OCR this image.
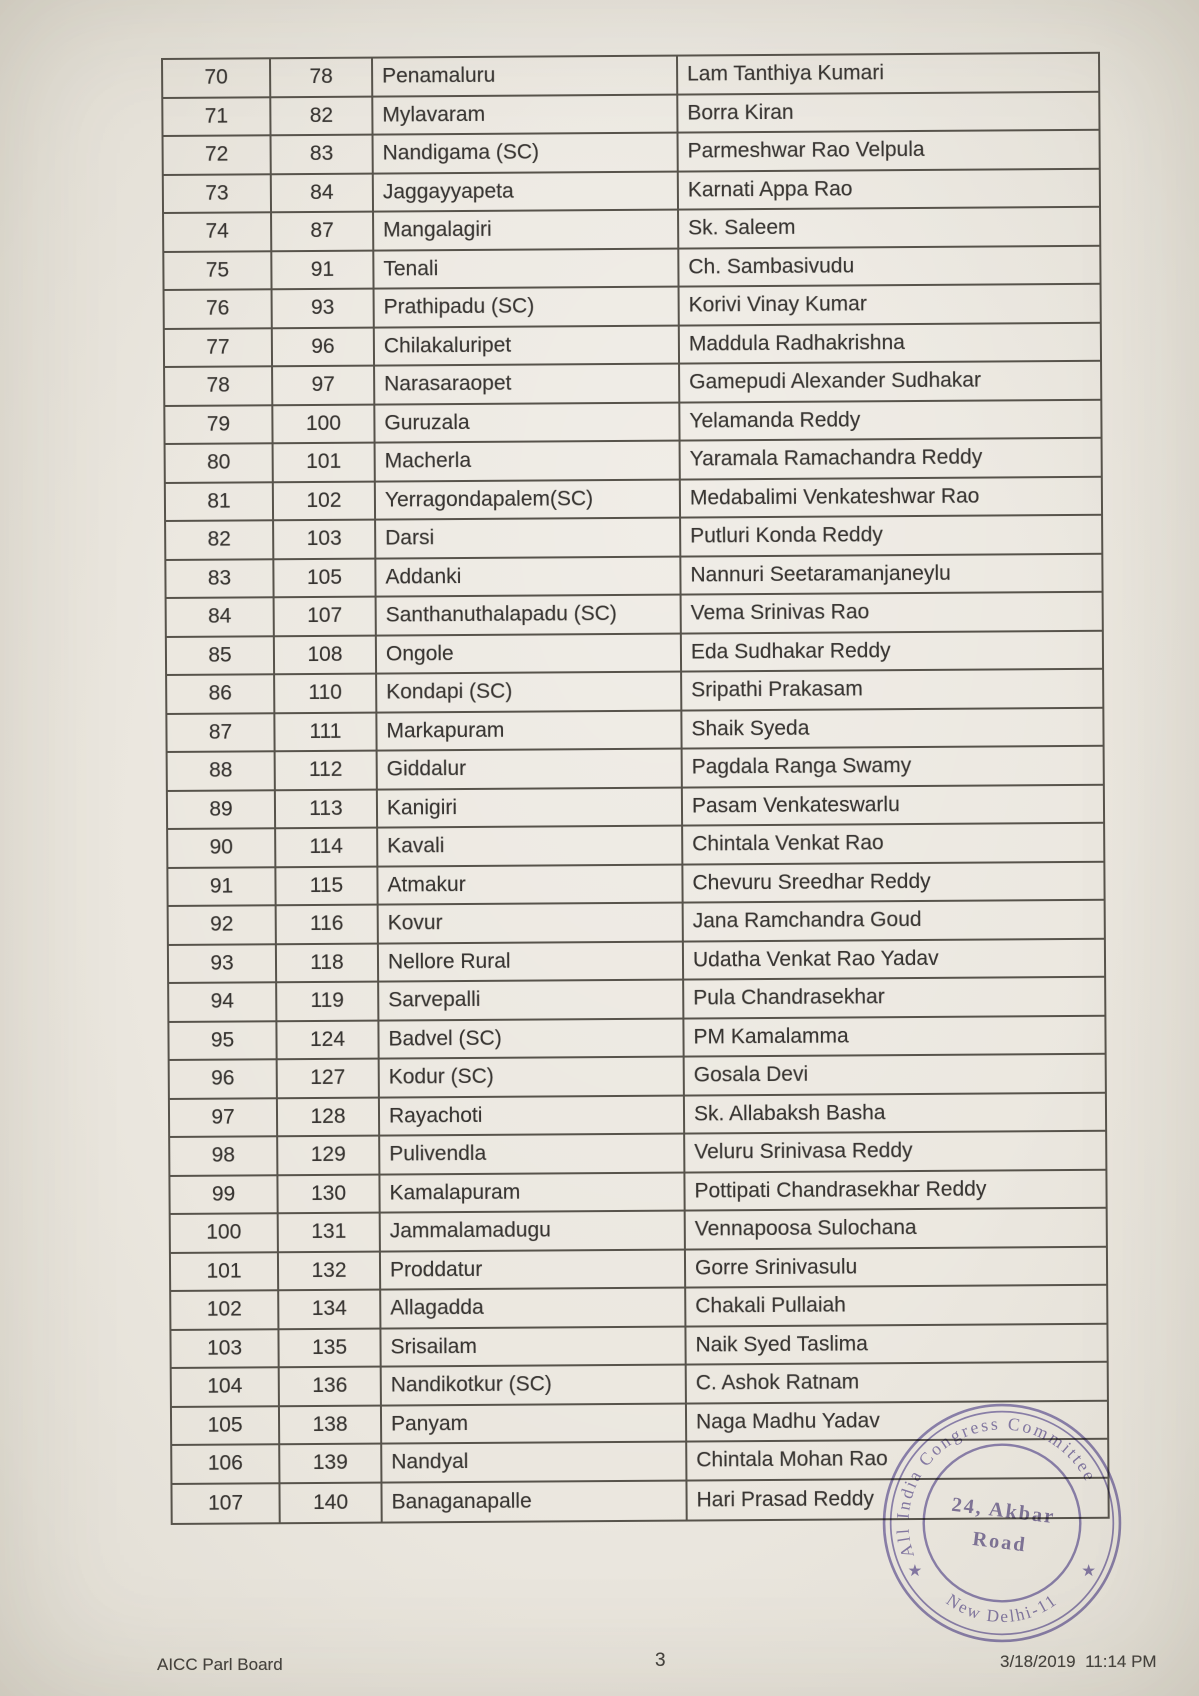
70	78	Penamaluru	Lam Tanthiya Kumari
71	82	Mylavaram	Borra Kiran
72	83	Nandigama (SC)	Parmeshwar Rao Velpula
73	84	Jaggayyapeta	Karnati Appa Rao
74	87	Mangalagiri	Sk. Saleem
75	91	Tenali	Ch. Sambasivudu
76	93	Prathipadu (SC)	Korivi Vinay Kumar
77	96	Chilakaluripet	Maddula Radhakrishna
78	97	Narasaraopet	Gamepudi Alexander Sudhakar
79	100	Guruzala	Yelamanda Reddy
80	101	Macherla	Yaramala Ramachandra Reddy
81	102	Yerragondapalem(SC)	Medabalimi Venkateshwar Rao
82	103	Darsi	Putluri Konda Reddy
83	105	Addanki	Nannuri Seetaramanjaneylu
84	107	Santhanuthalapadu (SC)	Vema Srinivas Rao
85	108	Ongole	Eda Sudhakar Reddy
86	110	Kondapi (SC)	Sripathi Prakasam
87	111	Markapuram	Shaik Syeda
88	112	Giddalur	Pagdala Ranga Swamy
89	113	Kanigiri	Pasam Venkateswarlu
90	114	Kavali	Chintala Venkat Rao
91	115	Atmakur	Chevuru Sreedhar Reddy
92	116	Kovur	Jana Ramchandra Goud
93	118	Nellore Rural	Udatha Venkat Rao Yadav
94	119	Sarvepalli	Pula Chandrasekhar
95	124	Badvel (SC)	PM Kamalamma
96	127	Kodur (SC)	Gosala Devi
97	128	Rayachoti	Sk. Allabaksh Basha
98	129	Pulivendla	Veluru Srinivasa Reddy
99	130	Kamalapuram	Pottipati Chandrasekhar Reddy
100	131	Jammalamadugu	Vennapoosa Sulochana
101	132	Proddatur	Gorre Srinivasulu
102	134	Allagadda	Chakali Pullaiah
103	135	Srisailam	Naik Syed Taslima
104	136	Nandikotkur (SC)	C. Ashok Ratnam
105	138	Panyam	Naga Madhu Yadav
106	139	Nandyal	Chintala Mohan Rao
107	140	Banaganapalle	Hari Prasad Reddy
All India Congress Committee
New Delhi-11
★	★
24, Akbar
Road
AICC Parl Board	3	3/18/2019  11:14 PM
